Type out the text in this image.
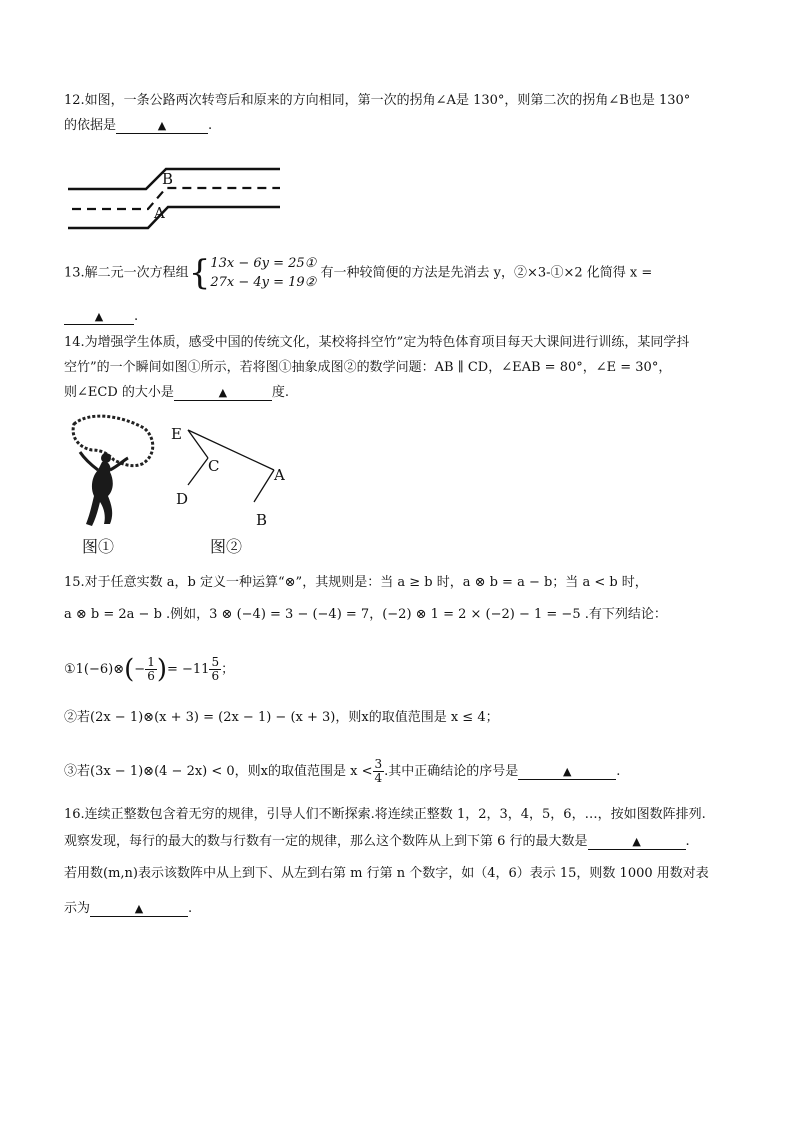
12.如图，一条公路两次转弯后和原来的方向相同，第一次的拐角∠A是 130°，则第二次的拐角∠B也是 130°
的依据是	▲	.
B
A
13.解二元一次方程组{ 13x − 6y = 25①
27x − 4y = 19②
有一种较简便的方法是先消去 y，②×3-①×2 化简得 x =
▲ .
14.为增强学生体质，感受中国的传统文化，某校将抖空竹”定为特色体育项目每天大课间进行训练，某同学抖
空竹”的一个瞬间如图①所示，若将图①抽象成图②的数学问题：AB ∥ CD，∠EAB = 80°，∠E = 30°，
则∠ECD 的大小是	▲	度.
图①
E
C
D
A
B
图②
15.对于任意实数 a，b 定义一种运算“⊗”，其规则是：当 a ≥ b 时，a ⊗ b = a − b；当 a < b 时，
a ⊗ b = 2a − b .例如，3 ⊗ (−4) = 3 − (−4) = 7，(−2) ⊗ 1 = 2 × (−2) − 1 = −5 .有下列结论：
①1(−6)⊗(− $\frac{1}{6}$ )= $-11 \frac{5}{6}$ ；
②若(2x − 1)⊗(x + 3) = (2x − 1) − (x + 3)，则x的取值范围是 x ≤ 4；
③若(3x − 1)⊗(4 − 2x) < 0，则x的取值范围是 $x < \frac{3}{4}$ .其中正确结论的序号是	▲	.
16.连续正整数包含着无穷的规律，引导人们不断探索.将连续正整数 1，2，3，4，5，6，…，按如图数阵排列.
观察发现，每行的最大的数与行数有一定的规律，那么这个数阵从上到下第 6 行的最大数是	▲	.
若用数(m,n)表示该数阵中从上到下、从左到右第 m 行第 n 个数字，如（4，6）表示 15，则数 1000 用数对表
示为	▲	.
